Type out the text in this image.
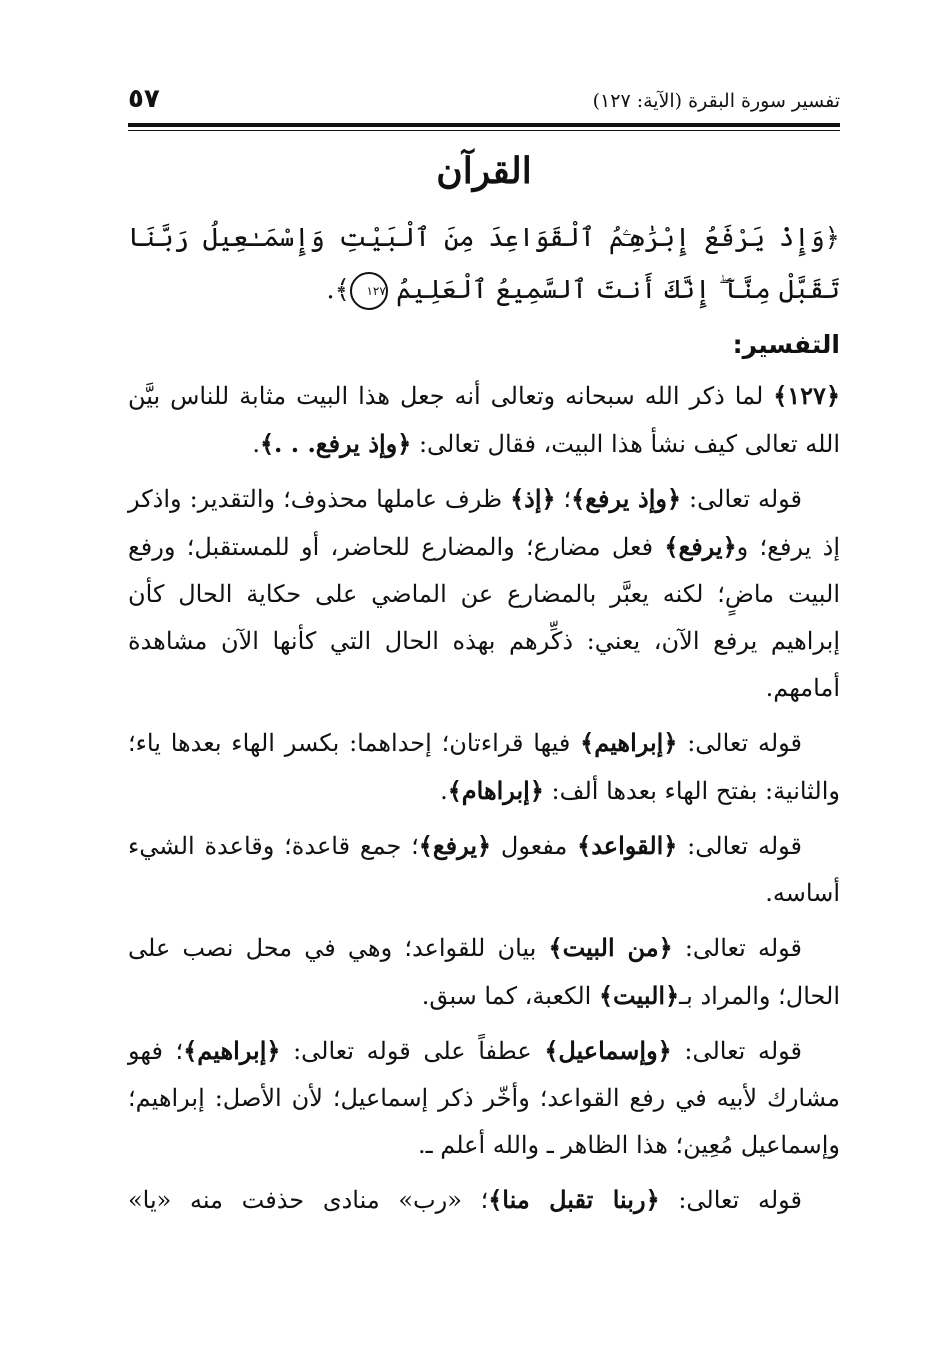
تفسير سورة البقرة (الآية: ١٢٧)
٥٧
القرآن
﴿وَإِذْ يَرْفَعُ إِبْرَٰهِـۧمُ ٱلْقَوَاعِدَ مِنَ ٱلْبَيْتِ وَإِسْمَـٰعِيلُ رَبَّنَا تَقَبَّلْ مِنَّآ ۖ إِنَّكَ أَنتَ ٱلسَّمِيعُ ٱلْعَلِيمُ ١٢٧﴾.
التفسير:

﴿١٢٧﴾ لما ذكر الله سبحانه وتعالى أنه جعل هذا البيت مثابة للناس بيَّن الله تعالى كيف نشأ هذا البيت، فقال تعالى: ﴿وإذ يرفع. . .﴾.

قوله تعالى: ﴿وإذ يرفع﴾؛ ﴿إذ﴾ ظرف عاملها محذوف؛ والتقدير: واذكر إذ يرفع؛ و﴿يرفع﴾ فعل مضارع؛ والمضارع للحاضر، أو للمستقبل؛ ورفع البيت ماضٍ؛ لكنه يعبَّر بالمضارع عن الماضي على حكاية الحال كأن إبراهيم يرفع الآن، يعني: ذكِّرهم بهذه الحال التي كأنها الآن مشاهدة أمامهم.

قوله تعالى: ﴿إبراهيم﴾ فيها قراءتان؛ إحداهما: بكسر الهاء بعدها ياء؛ والثانية: بفتح الهاء بعدها ألف: ﴿إبراهام﴾.

قوله تعالى: ﴿القواعد﴾ مفعول ﴿يرفع﴾؛ جمع قاعدة؛ وقاعدة الشيء أساسه.

قوله تعالى: ﴿من البيت﴾ بيان للقواعد؛ وهي في محل نصب على الحال؛ والمراد بـ﴿البيت﴾ الكعبة، كما سبق.

قوله تعالى: ﴿وإسماعيل﴾ عطفاً على قوله تعالى: ﴿إبراهيم﴾؛ فهو مشارك لأبيه في رفع القواعد؛ وأخّر ذكر إسماعيل؛ لأن الأصل: إبراهيم؛ وإسماعيل مُعِين؛ هذا الظاهر ـ والله أعلم ـ.

قوله تعالى: ﴿ربنا تقبل منا﴾؛ «رب» منادى حذفت منه «يا»
